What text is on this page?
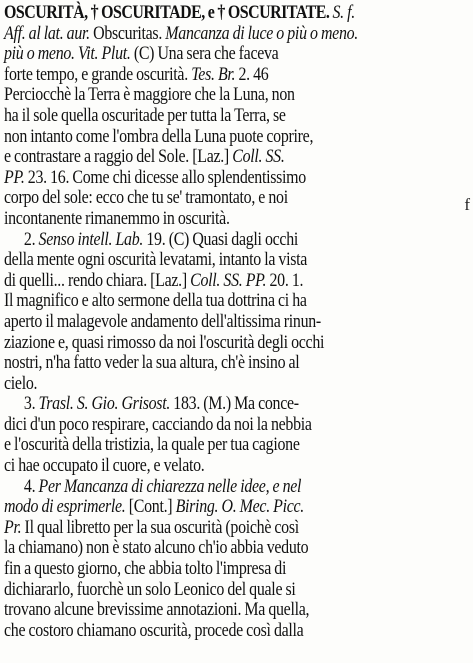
OSCURITÀ, † OSCURITADE, e † OSCURITATE. S. f.
Aff. al lat. aur. Obscuritas. Mancanza di luce o più o meno.
più o meno. Vit. Plut. (C) Una sera che faceva
forte tempo, e grande oscurità. Tes. Br. 2. 46
Perciocchè la Terra è maggiore che la Luna, non
ha il sole quella oscuritade per tutta la Terra, se
non intanto come l'ombra della Luna puote coprire,
e contrastare a raggio del Sole. [Laz.] Coll. SS.
PP. 23. 16. Come chi dicesse allo splendentissimo
corpo del sole: ecco che tu se' tramontato, e noi
incontanente rimanemmo in oscurità.
2. Senso intell. Lab. 19. (C) Quasi dagli occhi
della mente ogni oscurità levatami, intanto la vista
di quelli... rendo chiara. [Laz.] Coll. SS. PP. 20. 1.
Il magnifico e alto sermone della tua dottrina ci ha
aperto il malagevole andamento dell'altissima rinun-
ziazione e, quasi rimosso da noi l'oscurità degli occhi
nostri, n'ha fatto veder la sua altura, ch'è insino al
cielo.
3. Trasl. S. Gio. Grisost. 183. (M.) Ma conce-
dici d'un poco respirare, cacciando da noi la nebbia
e l'oscurità della tristizia, la quale per tua cagione
ci hae occupato il cuore, e velato.
4. Per Mancanza di chiarezza nelle idee, e nel
modo di esprimerle. [Cont.] Biring. O. Mec. Picc.
Pr. Il qual libretto per la sua oscurità (poichè così
la chiamano) non è stato alcuno ch'io abbia veduto
fin a questo giorno, che abbia tolto l'impresa di
dichiararlo, fuorchè un solo Leonico del quale si
trovano alcune brevissime annotazioni. Ma quella,
che costoro chiamano oscurità, procede così dalla
f
